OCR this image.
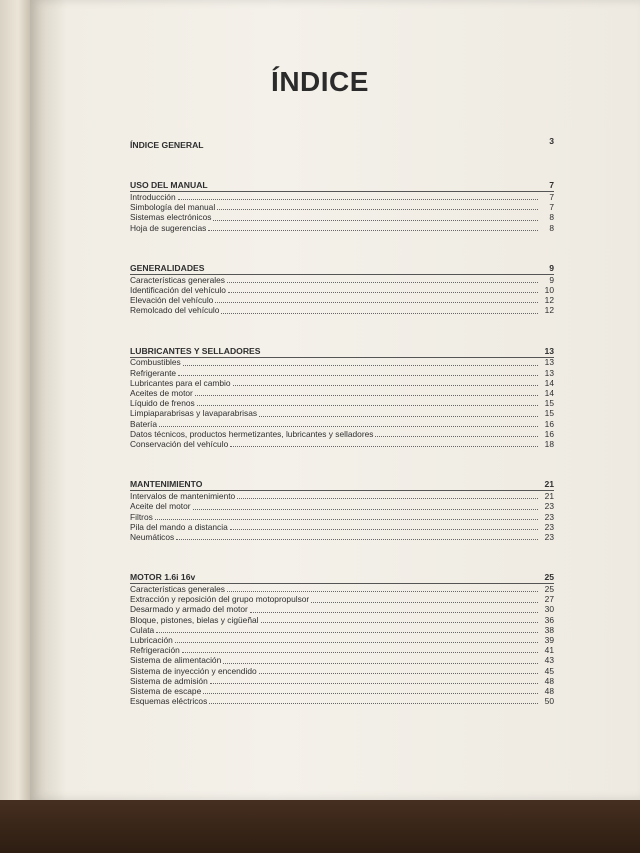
ÍNDICE
ÍNDICE GENERAL	3
USO DEL MANUAL	7
Introducción	7
Simbología del manual	7
Sistemas electrónicos	8
Hoja de sugerencias	8
GENERALIDADES	9
Características generales	9
Identificación del vehículo	10
Elevación del vehículo	12
Remolcado del vehículo	12
LUBRICANTES Y SELLADORES	13
Combustibles	13
Refrigerante	13
Lubricantes para el cambio	14
Aceites de motor	14
Líquido de frenos	15
Limpiaparabrisas y lavaparabrisas	15
Batería	16
Datos técnicos, productos hermetizantes, lubricantes y selladores	16
Conservación del vehículo	18
MANTENIMIENTO	21
Intervalos de mantenimiento	21
Aceite del motor	23
Filtros	23
Pila del mando a distancia	23
Neumáticos	23
MOTOR 1.6i 16v	25
Características generales	25
Extracción y reposición del grupo motopropulsor	27
Desarmado y armado del motor	30
Bloque, pistones, bielas y cigüeñal	36
Culata	38
Lubricación	39
Refrigeración	41
Sistema de alimentación	43
Sistema de inyección y encendido	45
Sistema de admisión	48
Sistema de escape	48
Esquemas eléctricos	50
